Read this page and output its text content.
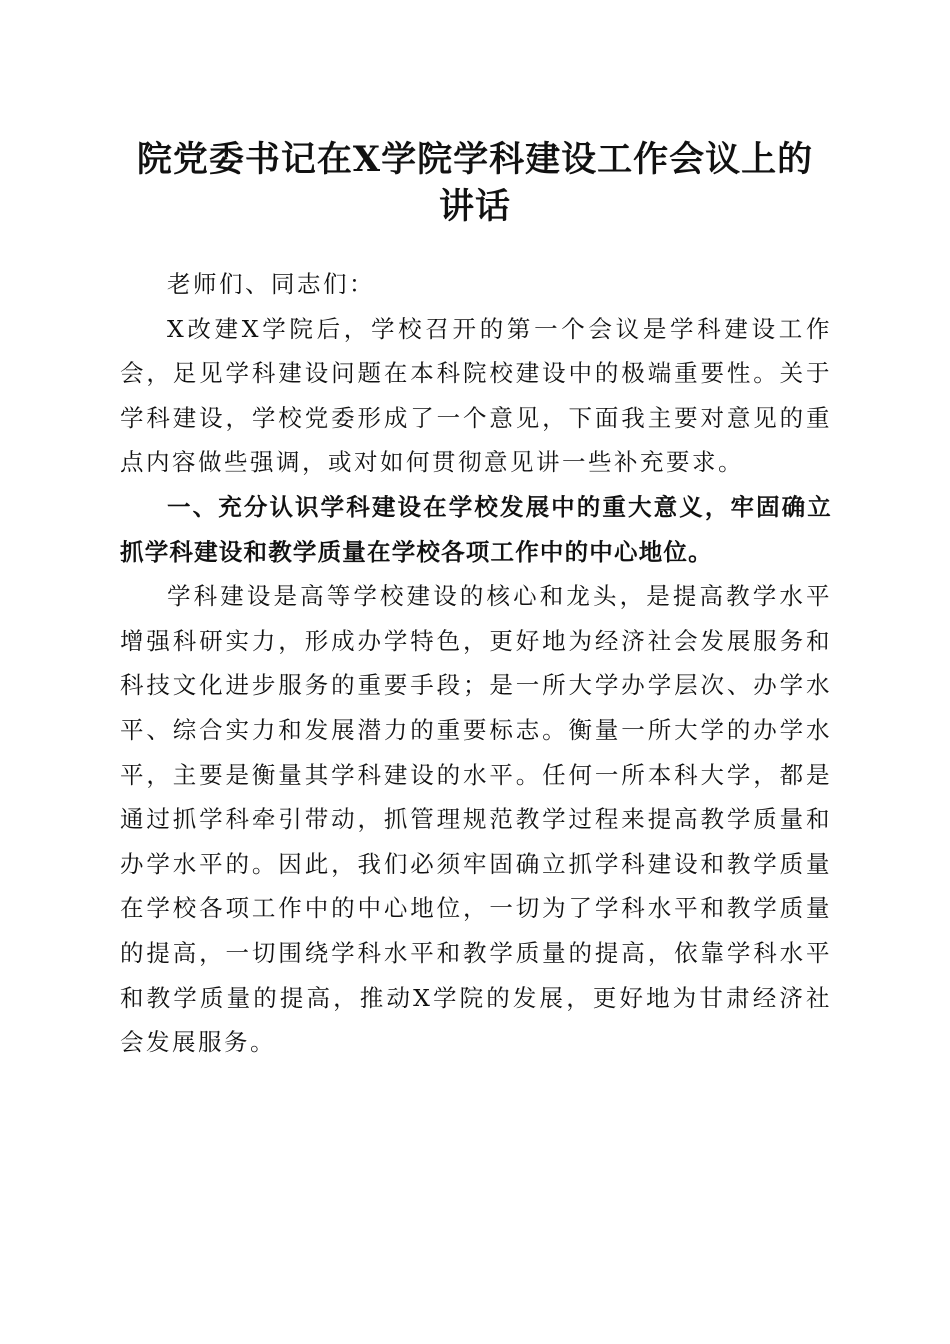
院党委书记在X学院学科建设工作会议上的
讲话

老师们、同志们：

X改建X学院后，学校召开的第一个会议是学科建设工作会，足见学科建设问题在本科院校建设中的极端重要性。关于学科建设，学校党委形成了一个意见，下面我主要对意见的重点内容做些强调，或对如何贯彻意见讲一些补充要求。

一、充分认识学科建设在学校发展中的重大意义，牢固确立抓学科建设和教学质量在学校各项工作中的中心地位。

学科建设是高等学校建设的核心和龙头，是提高教学水平增强科研实力，形成办学特色，更好地为经济社会发展服务和科技文化进步服务的重要手段；是一所大学办学层次、办学水平、综合实力和发展潜力的重要标志。衡量一所大学的办学水平，主要是衡量其学科建设的水平。任何一所本科大学，都是通过抓学科牵引带动，抓管理规范教学过程来提高教学质量和办学水平的。因此，我们必须牢固确立抓学科建设和教学质量在学校各项工作中的中心地位，一切为了学科水平和教学质量的提高，一切围绕学科水平和教学质量的提高，依靠学科水平和教学质量的提高，推动X学院的发展，更好地为甘肃经济社会发展服务。
